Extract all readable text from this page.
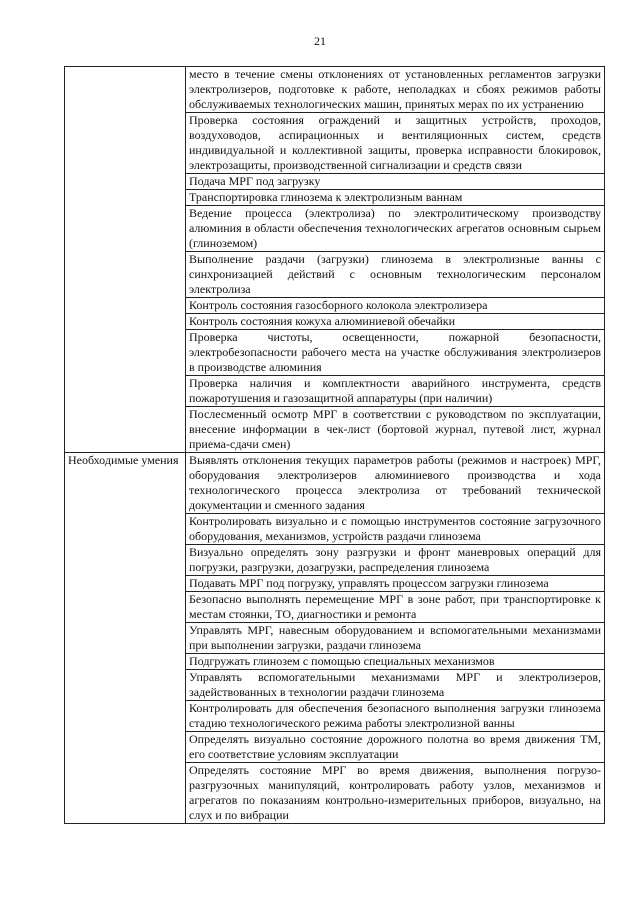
21
	место в течение смены отклонениях от установленных регламентов загрузки электролизеров, подготовке к работе, неполадках и сбоях режимов работы обслуживаемых технологических машин, принятых мерах по их устранению
	Проверка состояния ограждений и защитных устройств, проходов, воздуховодов, аспирационных и вентиляционных систем, средств индивидуальной и коллективной защиты, проверка исправности блокировок, электрозащиты, производственной сигнализации и средств связи
	Подача МРГ под загрузку
	Транспортировка глинозема к электролизным ваннам
	Ведение процесса (электролиза) по электролитическому производству алюминия в области обеспечения технологических агрегатов основным сырьем (глиноземом)
	Выполнение раздачи (загрузки) глинозема в электролизные ванны с синхронизацией действий с основным технологическим персоналом электролиза
	Контроль состояния газосборного колокола электролизера
	Контроль состояния кожуха алюминиевой обечайки
	Проверка чистоты, освещенности, пожарной безопасности, электробезопасности рабочего места на участке обслуживания электролизеров в производстве алюминия
	Проверка наличия и комплектности аварийного инструмента, средств пожаротушения и газозащитной аппаратуры (при наличии)
	Послесменный осмотр МРГ в соответствии с руководством по эксплуатации, внесение информации в чек-лист (бортовой журнал, путевой лист, журнал приема-сдачи смен)
Необходимые умения	Выявлять отклонения текущих параметров работы (режимов и настроек) МРГ, оборудования электролизеров алюминиевого производства и хода технологического процесса электролиза от требований технической документации и сменного задания
	Контролировать визуально и с помощью инструментов состояние загрузочного оборудования, механизмов, устройств раздачи глинозема
	Визуально определять зону разгрузки и фронт маневровых операций для погрузки, разгрузки, дозагрузки, распределения глинозема
	Подавать МРГ под погрузку, управлять процессом загрузки глинозема
	Безопасно выполнять перемещение МРГ в зоне работ, при транспортировке к местам стоянки, ТО, диагностики и ремонта
	Управлять МРГ, навесным оборудованием и вспомогательными механизмами при выполнении загрузки, раздачи глинозема
	Подгружать глинозем с помощью специальных механизмов
	Управлять вспомогательными механизмами МРГ и электролизеров, задействованных в технологии раздачи глинозема
	Контролировать для обеспечения безопасного выполнения загрузки глинозема стадию технологического режима работы электролизной ванны
	Определять визуально состояние дорожного полотна во время движения ТМ, его соответствие условиям эксплуатации
	Определять состояние МРГ во время движения, выполнения погрузо-разгрузочных манипуляций, контролировать работу узлов, механизмов и агрегатов по показаниям контрольно-измерительных приборов, визуально, на слух и по вибрации
